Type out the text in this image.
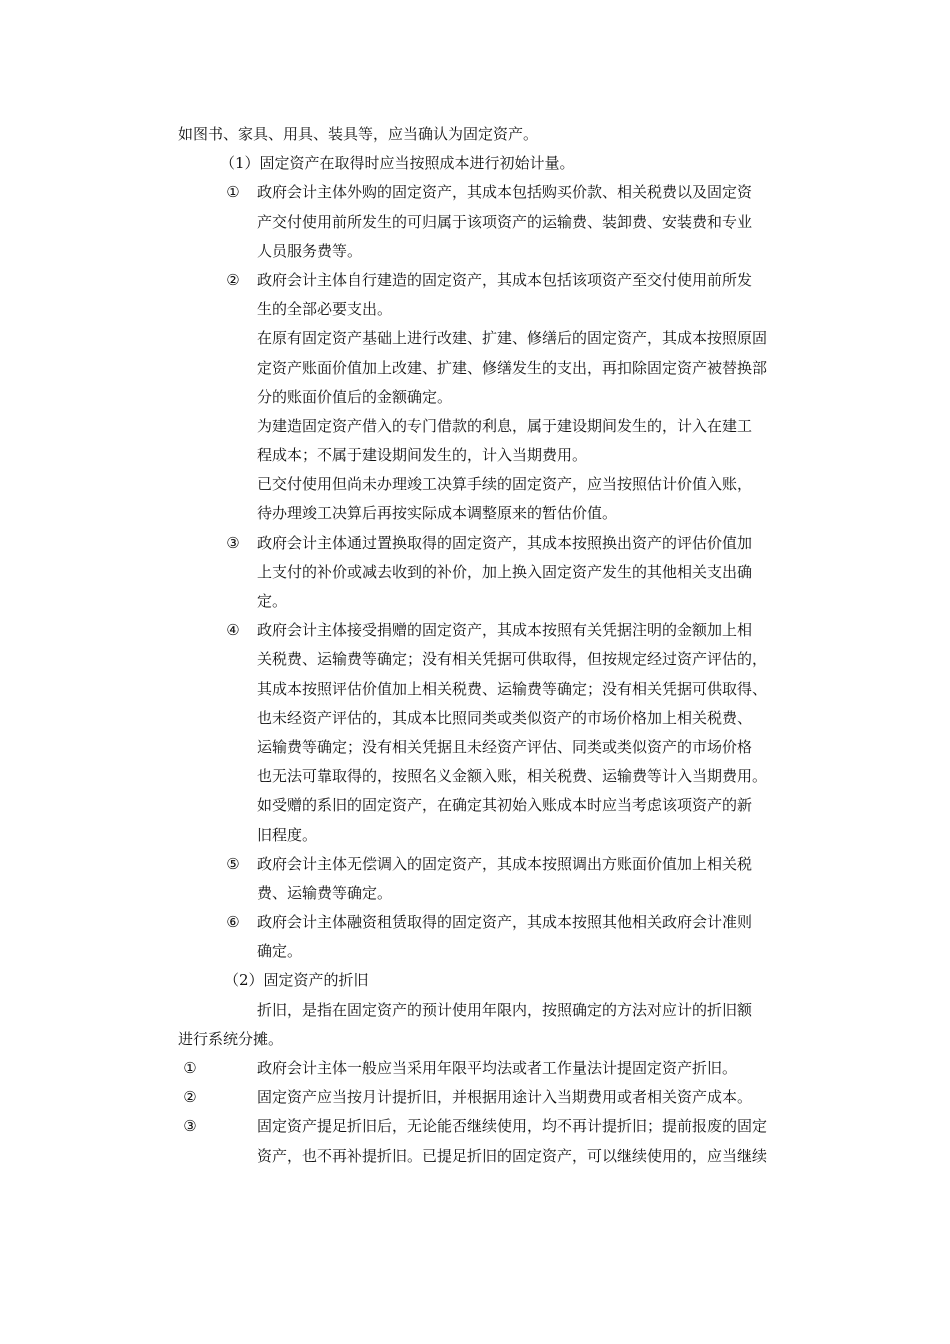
如图书、家具、用具、装具等，应当确认为固定资产。
（1）固定资产在取得时应当按照成本进行初始计量。
①	政府会计主体外购的固定资产，其成本包括购买价款、相关税费以及固定资
产交付使用前所发生的可归属于该项资产的运输费、装卸费、安装费和专业
人员服务费等。
②	政府会计主体自行建造的固定资产，其成本包括该项资产至交付使用前所发
生的全部必要支出。
在原有固定资产基础上进行改建、扩建、修缮后的固定资产，其成本按照原固
定资产账面价值加上改建、扩建、修缮发生的支出，再扣除固定资产被替换部
分的账面价值后的金额确定。
为建造固定资产借入的专门借款的利息，属于建设期间发生的，计入在建工
程成本；不属于建设期间发生的，计入当期费用。
已交付使用但尚未办理竣工决算手续的固定资产，应当按照估计价值入账，
待办理竣工决算后再按实际成本调整原来的暂估价值。
③	政府会计主体通过置换取得的固定资产，其成本按照换出资产的评估价值加
上支付的补价或减去收到的补价，加上换入固定资产发生的其他相关支出确
定。
④	政府会计主体接受捐赠的固定资产，其成本按照有关凭据注明的金额加上相
关税费、运输费等确定；没有相关凭据可供取得，但按规定经过资产评估的，
其成本按照评估价值加上相关税费、运输费等确定；没有相关凭据可供取得、
也未经资产评估的，其成本比照同类或类似资产的市场价格加上相关税费、
运输费等确定；没有相关凭据且未经资产评估、同类或类似资产的市场价格
也无法可靠取得的，按照名义金额入账，相关税费、运输费等计入当期费用。
如受赠的系旧的固定资产，在确定其初始入账成本时应当考虑该项资产的新
旧程度。
⑤	政府会计主体无偿调入的固定资产，其成本按照调出方账面价值加上相关税
费、运输费等确定。
⑥	政府会计主体融资租赁取得的固定资产，其成本按照其他相关政府会计准则
确定。
（2）固定资产的折旧
折旧，是指在固定资产的预计使用年限内，按照确定的方法对应计的折旧额
进行系统分摊。
①	政府会计主体一般应当采用年限平均法或者工作量法计提固定资产折旧。
②	固定资产应当按月计提折旧，并根据用途计入当期费用或者相关资产成本。
③	固定资产提足折旧后，无论能否继续使用，均不再计提折旧；提前报废的固定
资产，也不再补提折旧。已提足折旧的固定资产，可以继续使用的，应当继续
